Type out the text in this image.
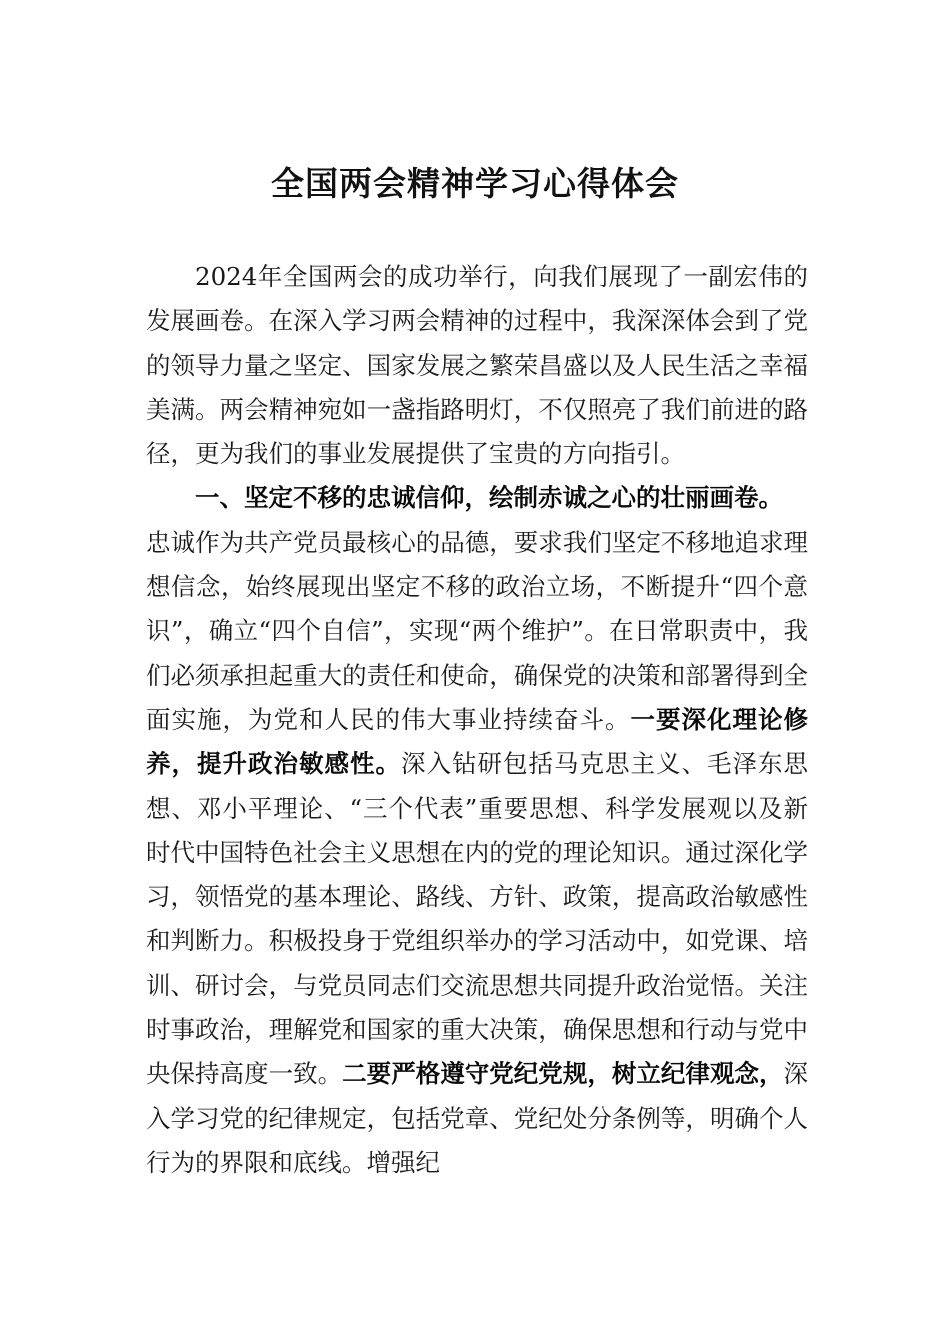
全国两会精神学习心得体会

2024年全国两会的成功举行，向我们展现了一副宏伟的发展画卷。在深入学习两会精神的过程中，我深深体会到了党的领导力量之坚定、国家发展之繁荣昌盛以及人民生活之幸福美满。两会精神宛如一盏指路明灯，不仅照亮了我们前进的路径，更为我们的事业发展提供了宝贵的方向指引。

一、坚定不移的忠诚信仰，绘制赤诚之心的壮丽画卷。

忠诚作为共产党员最核心的品德，要求我们坚定不移地追求理想信念，始终展现出坚定不移的政治立场，不断提升“四个意识”，确立“四个自信”，实现“两个维护”。在日常职责中，我们必须承担起重大的责任和使命，确保党的决策和部署得到全面实施，为党和人民的伟大事业持续奋斗。一要深化理论修养，提升政治敏感性。深入钻研包括马克思主义、毛泽东思想、邓小平理论、“三个代表”重要思想、科学发展观以及新时代中国特色社会主义思想在内的党的理论知识。通过深化学习，领悟党的基本理论、路线、方针、政策，提高政治敏感性和判断力。积极投身于党组织举办的学习活动中，如党课、培训、研讨会，与党员同志们交流思想共同提升政治觉悟。关注时事政治，理解党和国家的重大决策，确保思想和行动与党中央保持高度一致。二要严格遵守党纪党规，树立纪律观念，深入学习党的纪律规定，包括党章、党纪处分条例等，明确个人行为的界限和底线。增强纪
